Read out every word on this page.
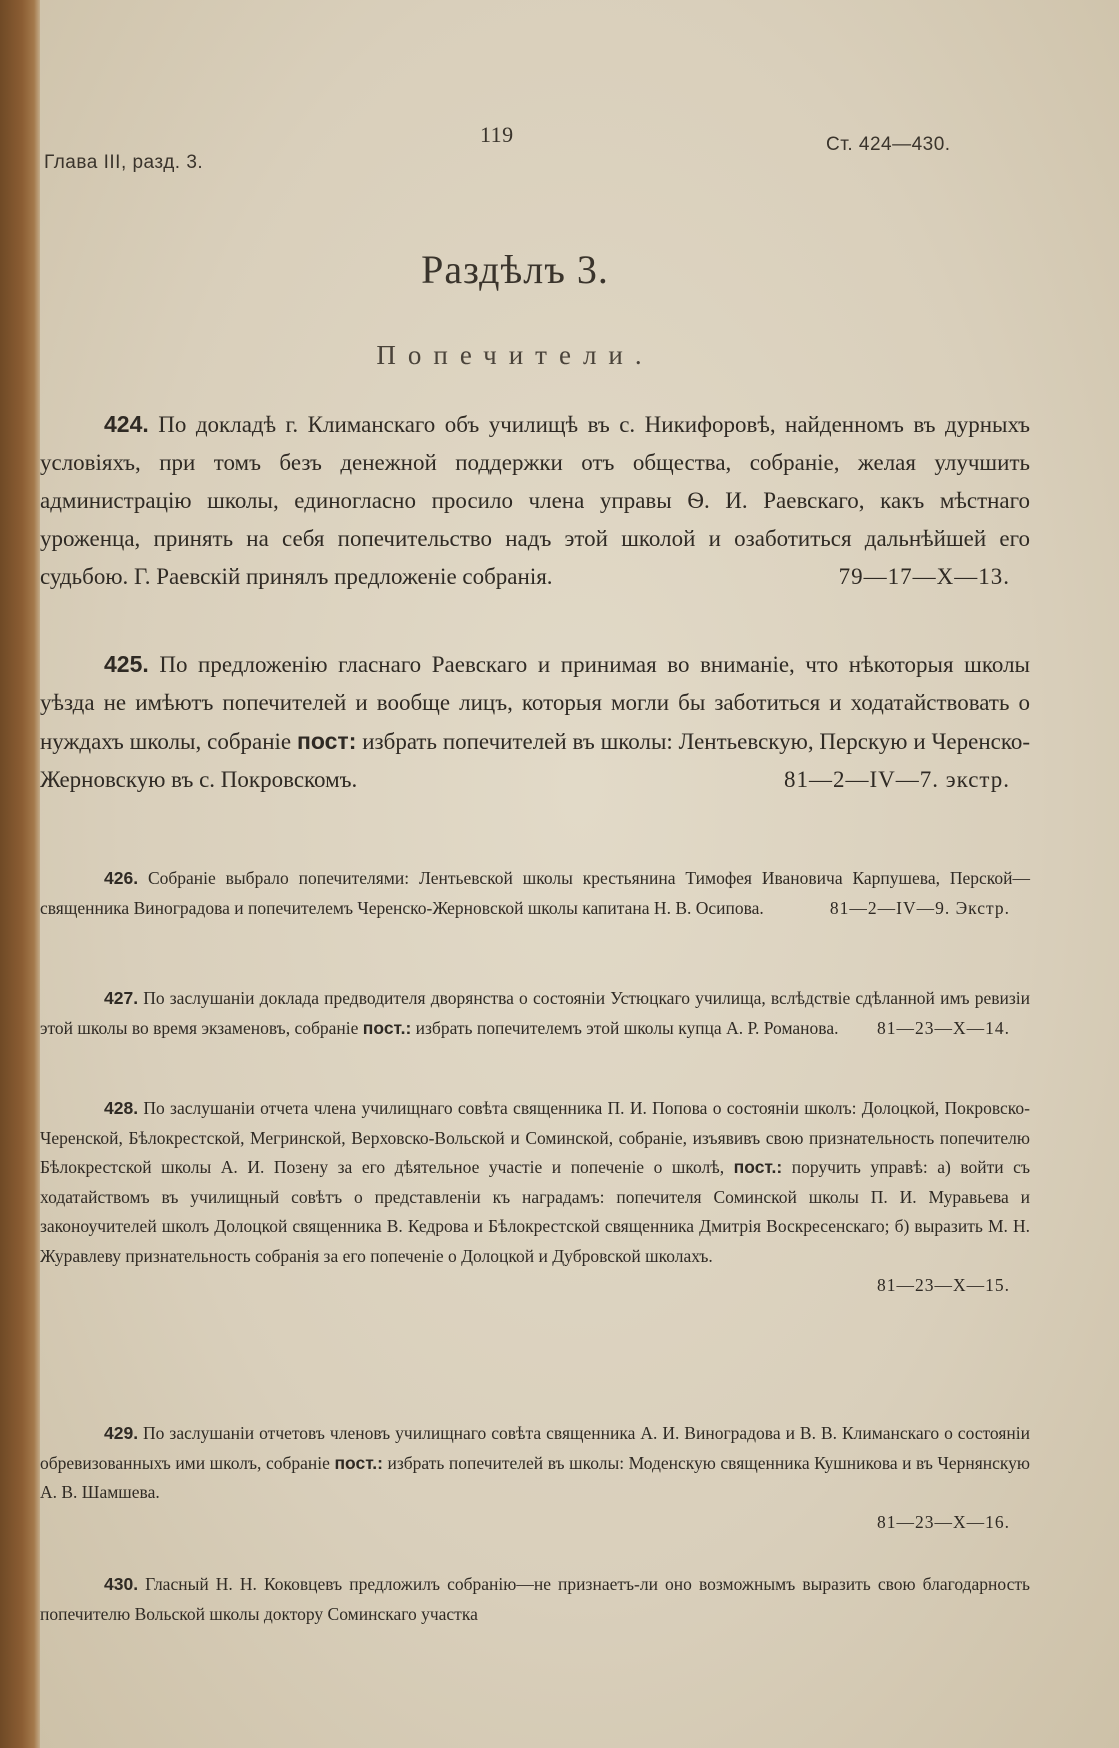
Глава III, разд. 3.
119	Ст. 424—430.
Раздѣлъ 3.
Попечители.
424. По докладѣ г. Климанскаго объ училищѣ въ с. Никифоровѣ, найденномъ въ дурныхъ условіяхъ, при томъ безъ денежной поддержки отъ общества, собраніе, желая улучшить администрацію школы, единогласно просило члена управы Ѳ. И. Раевскаго, какъ мѣстнаго уроженца, принять на себя попечительство надъ этой школой и озаботиться дальнѣйшей его судьбою. Г. Раевскій принялъ предложеніе собранія.	79—17—X—13.
425. По предложенію гласнаго Раевскаго и принимая во вниманіе, что нѣкоторыя школы уѣзда не имѣютъ попечителей и вообще лицъ, которыя могли бы заботиться и ходатайствовать о нуждахъ школы, собраніе пост: избрать попечителей въ школы: Лентьевскую, Перскую и Черенско-Жерновскую въ с. Покровскомъ.	81—2—IV—7. экстр.
426. Собраніе выбрало попечителями: Лентьевской школы крестьянина Тимофея Ивановича Карпушева, Перской—священника Виноградова и попечителемъ Черенско-Жерновской школы капитана Н. В. Осипова.	81—2—IV—9. Экстр.
427. По заслушаніи доклада предводителя дворянства о состояніи Устюцкаго училища, вслѣдствіе сдѣланной имъ ревизіи этой школы во время экзаменовъ, собраніе пост.: избрать попечителемъ этой школы купца А. Р. Романова. 81—23—X—14.
428. По заслушаніи отчета члена училищнаго совѣта священника П. И. Попова о состояніи школъ: Долоцкой, Покровско-Черенской, Бѣлокрестской, Мегринской, Верховско-Вольской и Соминской, собраніе, изъявивъ свою признательность попечителю Бѣлокрестской школы А. И. Позену за его дѣятельное участіе и попеченіе о школѣ, пост.: поручить управѣ: а) войти съ ходатайствомъ въ училищный совѣтъ о представленіи къ наградамъ: попечителя Соминской школы П. И. Муравьева и законоучителей школъ Долоцкой священника В. Кедрова и Бѣлокрестской священника Дмитрія Воскресенскаго; б) выразить М. Н. Журавлеву признательность собранія за его попеченіе о Долоцкой и Дубровской школахъ.
81—23—X—15.
429. По заслушаніи отчетовъ членовъ училищнаго совѣта священника А. И. Виноградова и В. В. Климанскаго о состояніи обревизованныхъ ими школъ, собраніе пост.: избрать попечителей въ школы: Моденскую священника Кушникова и въ Чернянскую А. В. Шамшева.
81—23—X—16.
430. Гласный Н. Н. Коковцевъ предложилъ собранію—не признаетъ-ли оно возможнымъ выразить свою благодарность попечителю Вольской школы доктору Соминскаго участка
